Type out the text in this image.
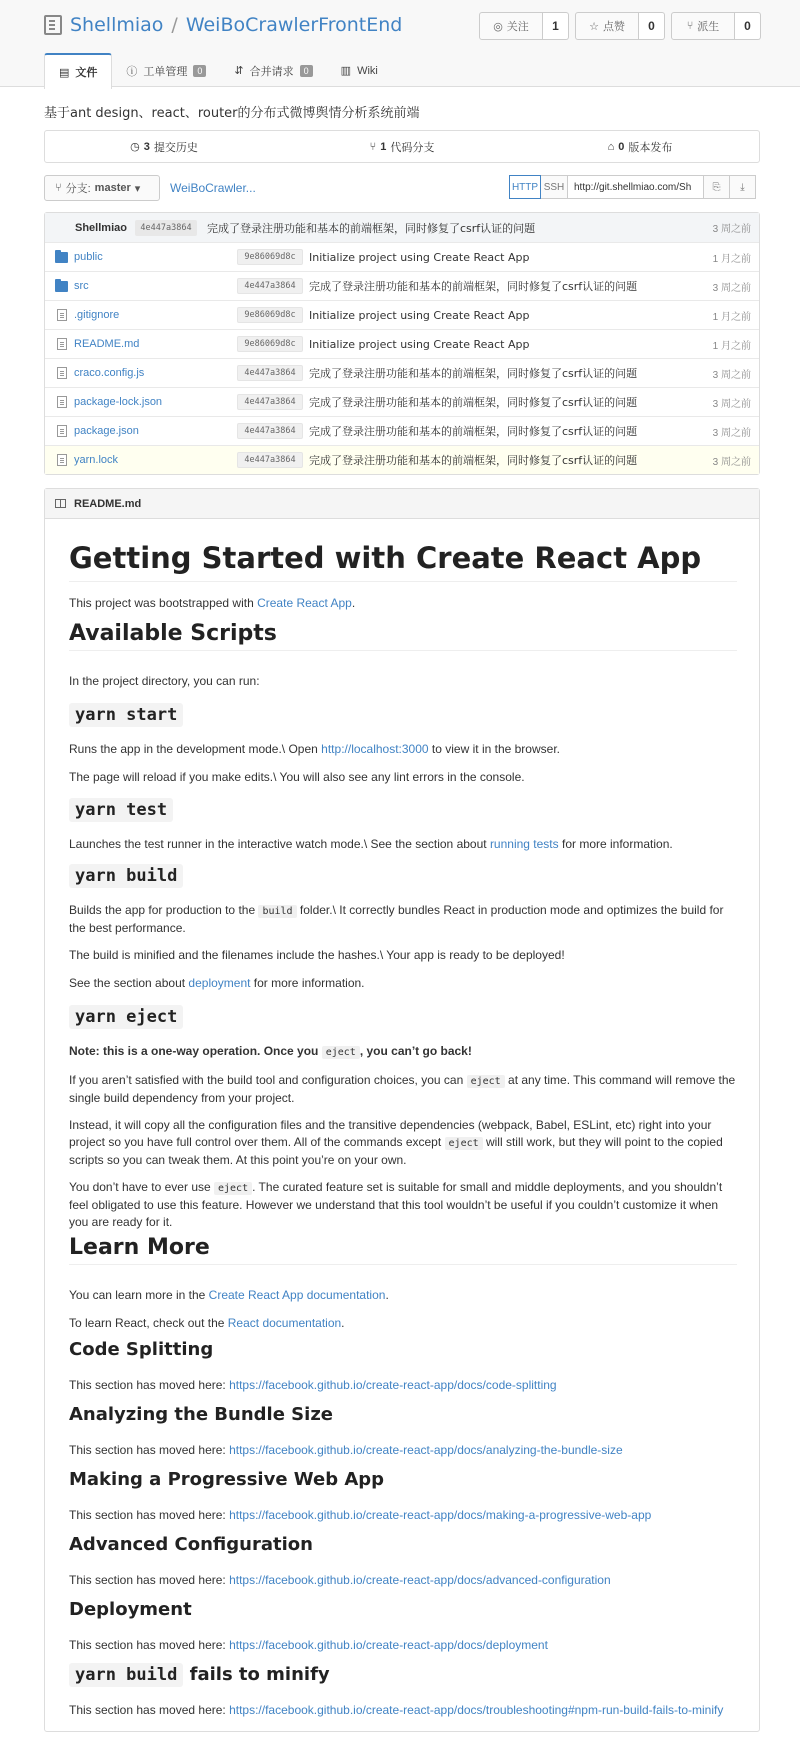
Shellmiao / WeiBoCrawlerFrontEnd	◎ 关注	1	☆ 点赞	0	⑂ 派生	0
▤ 文件	ⓘ 工单管理	0	⇵ 合并请求	0	▥ Wiki
基于ant design、react、router的分布式微博舆情分析系统前端
◷ 3 提交历史	⑂ 1 代码分支	⌂ 0 版本发布
⑂ 分支: master ▾ WeiBoCrawler...	HTTP SSH http://git.shellmiao.com/Sh	⎘ ⤓
Shellmiao	4e447a3864	完成了登录注册功能和基本的前端框架，同时修复了csrf认证的问题	3 周之前
public	9e86069d8c	Initialize project using Create React App	1 月之前
src	4e447a3864	完成了登录注册功能和基本的前端框架，同时修复了csrf认证的问题	3 周之前
.gitignore	9e86069d8c	Initialize project using Create React App	1 月之前
README.md	9e86069d8c	Initialize project using Create React App	1 月之前
craco.config.js	4e447a3864	完成了登录注册功能和基本的前端框架，同时修复了csrf认证的问题	3 周之前
package-lock.json	4e447a3864	完成了登录注册功能和基本的前端框架，同时修复了csrf认证的问题	3 周之前
package.json	4e447a3864	完成了登录注册功能和基本的前端框架，同时修复了csrf认证的问题	3 周之前
yarn.lock	4e447a3864	完成了登录注册功能和基本的前端框架，同时修复了csrf认证的问题	3 周之前
README.md
Getting Started with Create React App
This project was bootstrapped with Create React App.
Available Scripts
In the project directory, you can run:
yarn start
Runs the app in the development mode.\ Open http://localhost:3000 to view it in the browser.
The page will reload if you make edits.\ You will also see any lint errors in the console.
yarn test
Launches the test runner in the interactive watch mode.\ See the section about running tests for more information.
yarn build
Builds the app for production to the build folder.\ It correctly bundles React in production mode and optimizes the build for the best performance.
The build is minified and the filenames include the hashes.\ Your app is ready to be deployed!
See the section about deployment for more information.
yarn eject
Note: this is a one-way operation. Once you eject , you can’t go back!
If you aren’t satisfied with the build tool and configuration choices, you can eject at any time. This command will remove the single build dependency from your project.
Instead, it will copy all the configuration files and the transitive dependencies (webpack, Babel, ESLint, etc) right into your project so you have full control over them. All of the commands except eject will still work, but they will point to the copied scripts so you can tweak them. At this point you’re on your own.
You don’t have to ever use eject . The curated feature set is suitable for small and middle deployments, and you shouldn’t feel obligated to use this feature. However we understand that this tool wouldn’t be useful if you couldn’t customize it when you are ready for it.
Learn More
You can learn more in the Create React App documentation.
To learn React, check out the React documentation.
Code Splitting
This section has moved here: https://facebook.github.io/create-react-app/docs/code-splitting
Analyzing the Bundle Size
This section has moved here: https://facebook.github.io/create-react-app/docs/analyzing-the-bundle-size
Making a Progressive Web App
This section has moved here: https://facebook.github.io/create-react-app/docs/making-a-progressive-web-app
Advanced Configuration
This section has moved here: https://facebook.github.io/create-react-app/docs/advanced-configuration
Deployment
This section has moved here: https://facebook.github.io/create-react-app/docs/deployment
yarn build fails to minify
This section has moved here: https://facebook.github.io/create-react-app/docs/troubleshooting#npm-run-build-fails-to-minify
